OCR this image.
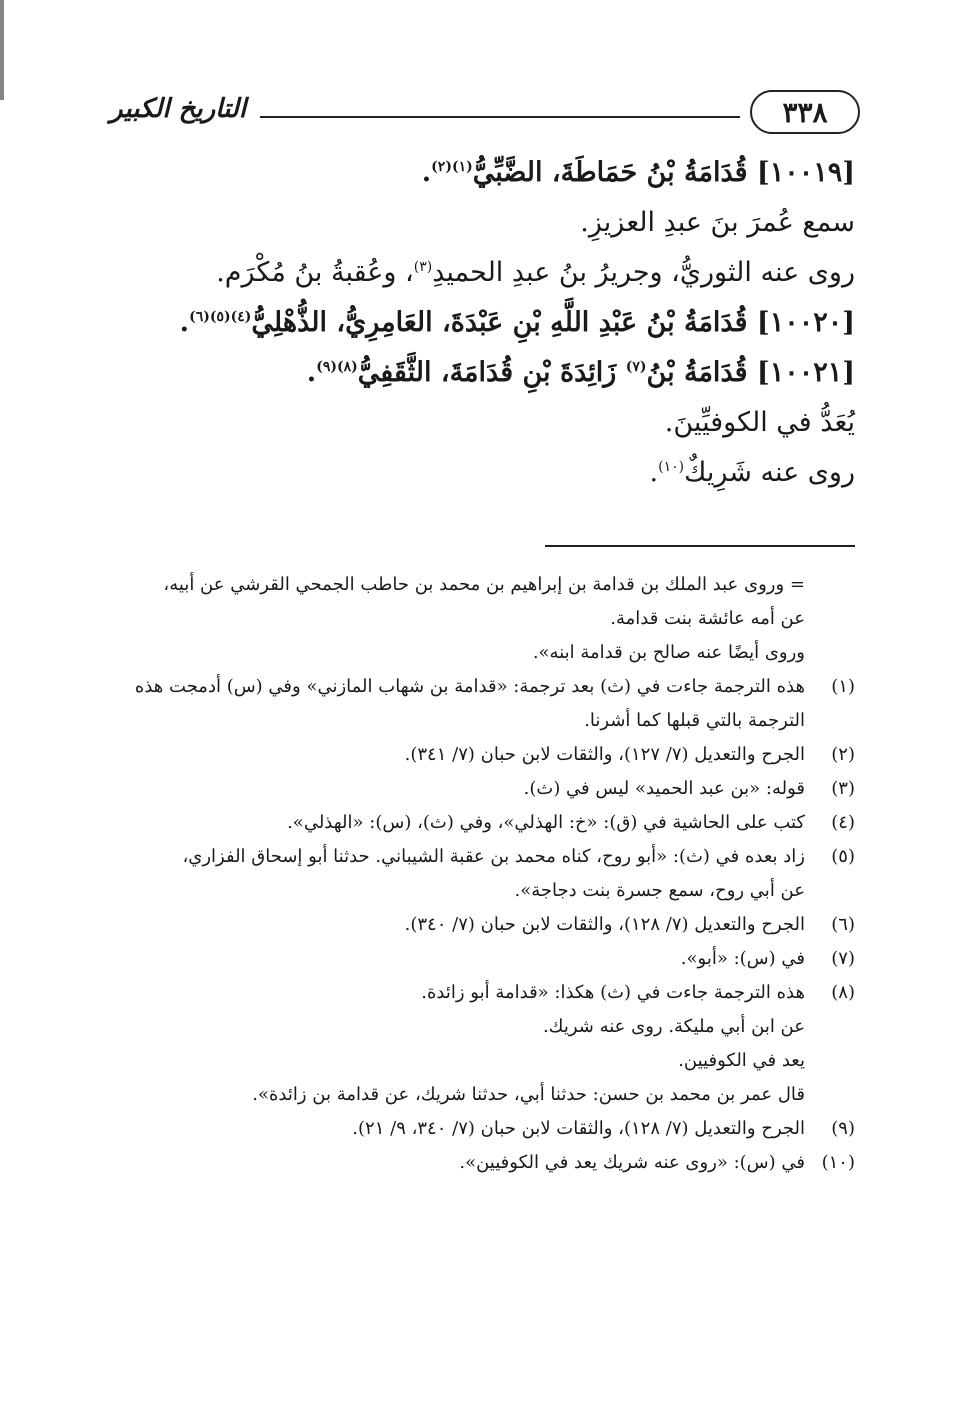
التاريخ الكبير	٣٣٨

[١٠٠١٩] قُدَامَةُ بْنُ حَمَاطَةَ، الضَّبِّيُّ$^{(١)(٢)}$.

سمع عُمرَ بنَ عبدِ العزيزِ.

روى عنه الثوريُّ، وجريرُ بنُ عبدِ الحميدِ$^{(٣)}$، وعُقبةُ بنُ مُكْرَم.

[١٠٠٢٠] قُدَامَةُ بْنُ عَبْدِ اللَّهِ بْنِ عَبْدَةَ، العَامِرِيُّ، الذُّهْلِيُّ$^{(٤)(٥)(٦)}$.

[١٠٠٢١] قُدَامَةُ بْنُ$^{(٧)}$ زَائِدَةَ بْنِ قُدَامَةَ، الثَّقَفِيُّ$^{(٨)(٩)}$.

يُعَدُّ في الكوفيِّينَ.

روى عنه شَرِيكٌ$^{(١٠)}$.

= وروى عبد الملك بن قدامة بن إبراهيم بن محمد بن حاطب الجمحي القرشي عن أبيه،
عن أمه عائشة بنت قدامة.
وروى أيضًا عنه صالح بن قدامة ابنه».
(١)
هذه الترجمة جاءت في (ث) بعد ترجمة: «قدامة بن شهاب المازني» وفي (س) أدمجت هذه
الترجمة بالتي قبلها كما أشرنا.
(٢)
الجرح والتعديل (٧/ ١٢٧)، والثقات لابن حبان (٧/ ٣٤١).
(٣)
قوله: «بن عبد الحميد» ليس في (ث).
(٤)
كتب على الحاشية في (ق): «خ: الهذلي»، وفي (ث)، (س): «الهذلي».
(٥)
زاد بعده في (ث): «أبو روح، كناه محمد بن عقبة الشيباني. حدثنا أبو إسحاق الفزاري،
عن أبي روح، سمع جسرة بنت دجاجة».
(٦)
الجرح والتعديل (٧/ ١٢٨)، والثقات لابن حبان (٧/ ٣٤٠).
(٧)
في (س): «أبو».
(٨)
هذه الترجمة جاءت في (ث) هكذا: «قدامة أبو زائدة.
عن ابن أبي مليكة. روى عنه شريك.
يعد في الكوفيين.
قال عمر بن محمد بن حسن: حدثنا أبي، حدثنا شريك، عن قدامة بن زائدة».
(٩)
الجرح والتعديل (٧/ ١٢٨)، والثقات لابن حبان (٧/ ٣٤٠، ٩/ ٢١).
(١٠)
في (س): «روى عنه شريك يعد في الكوفيين».
